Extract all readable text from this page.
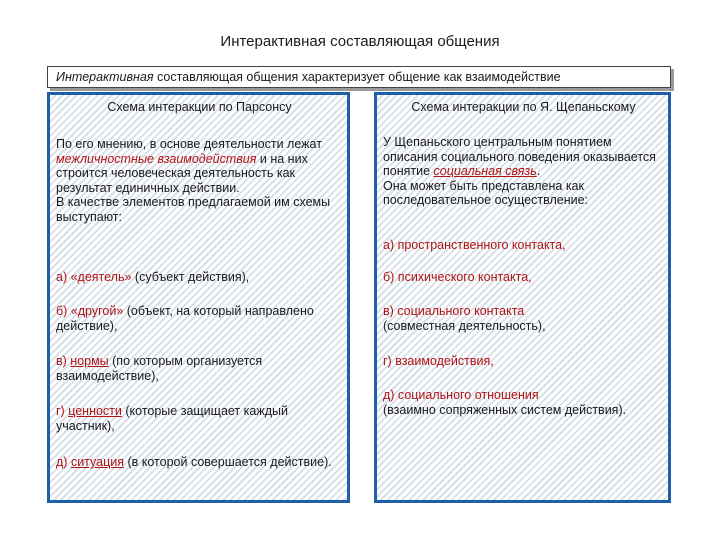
Интерактивная составляющая общения
Интерактивная составляющая общения характеризует общение как взаимодействие
Схема интеракции по Парсонсу
По его мнению, в основе деятельности лежат межличностные взаимодействия и на них строится человеческая деятельность как результат единичных действии.
В качестве элементов предлагаемой им схемы выступают:
а) «деятель» (субъект действия),
б) «другой» (объект, на который направлено действие),
в) нормы (по которым организуется взаимодействие),
г) ценности (которые защищает каждый участник),
д) ситуация (в которой совершается действие).
Схема интеракции по Я. Щепаньскому
У Щепаньского центральным понятием описания социального поведения оказывается понятие социальная связь.
Она может быть представлена как последовательное осуществление:
а) пространственного контакта,
б) психического контакта,
в) социального контакта
(совместная деятельность),
г) взаимодействия,
д) социального отношения
(взаимно сопряженных систем действия).
